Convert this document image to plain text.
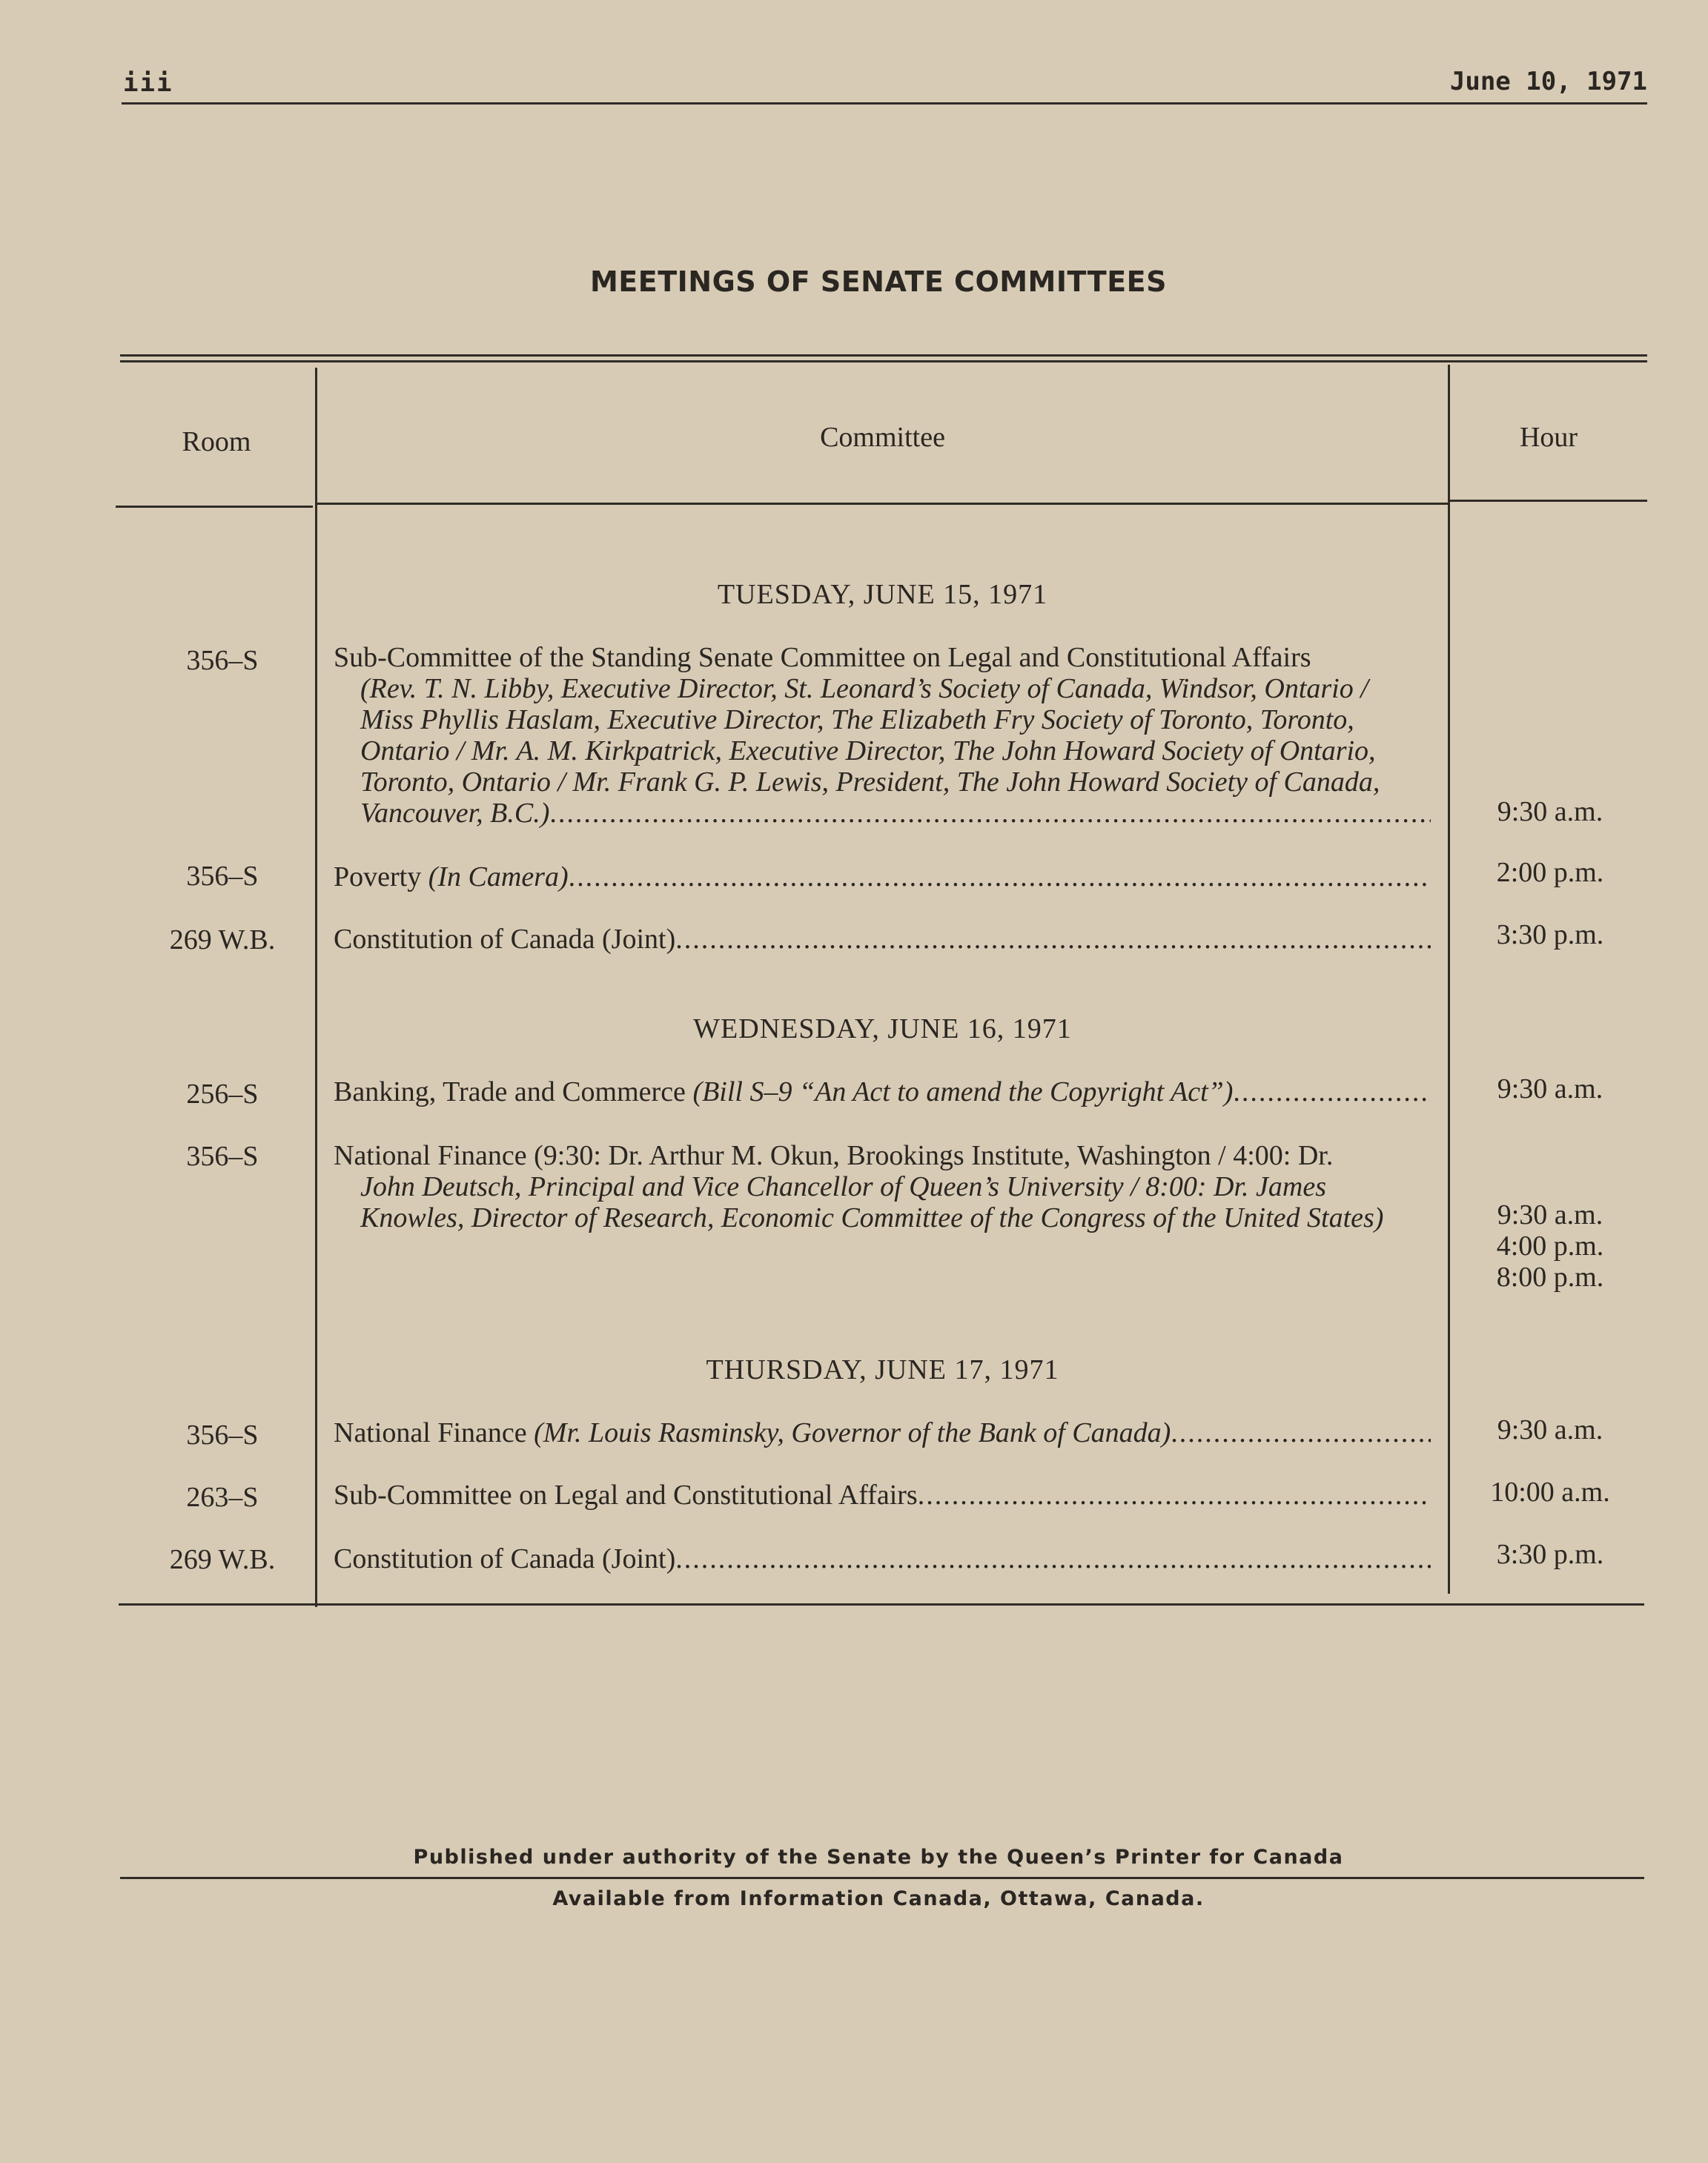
iii	June 10, 1971
MEETINGS OF SENATE COMMITTEES
Room	Committee	Hour
TUESDAY, JUNE 15, 1971
356–S	Sub-Committee of the Standing Senate Committee on Legal and Constitutional Affairs
(Rev. T. N. Libby, Executive Director, St. Leonard’s Society of Canada, Windsor, Ontario /
Miss Phyllis Haslam, Executive Director, The Elizabeth Fry Society of Toronto, Toronto,
Ontario / Mr. A. M. Kirkpatrick, Executive Director, The John Howard Society of Ontario,
Toronto, Ontario / Mr. Frank G. P. Lewis, President, The John Howard Society of Canada,
Vancouver, B.C.) .....	9:30 a.m.
356–S	Poverty
(In Camera) .....	2:00 p.m.
269 W.B.	Constitution of Canada (Joint) .....	3:30 p.m.
WEDNESDAY, JUNE 16, 1971
256–S	Banking, Trade and Commerce
(Bill S–9 “An Act to amend the Copyright Act”) .....	9:30 a.m.
356–S	National Finance (9:30: Dr. Arthur M. Okun, Brookings Institute, Washington / 4:00: Dr.
John Deutsch, Principal and Vice Chancellor of Queen’s University / 8:00: Dr. James
Knowles, Director of Research, Economic Committee of the Congress of the United States)	9:30 a.m.
4:00 p.m.
8:00 p.m.
THURSDAY, JUNE 17, 1971
356–S	National Finance
(Mr. Louis Rasminsky, Governor of the Bank of Canada) .....	9:30 a.m.
263–S	Sub-Committee on Legal and Constitutional Affairs .....	10:00 a.m.
269 W.B.	Constitution of Canada (Joint) .....	3:30 p.m.
Published under authority of the Senate by the Queen’s Printer for Canada
Available from Information Canada, Ottawa, Canada.
